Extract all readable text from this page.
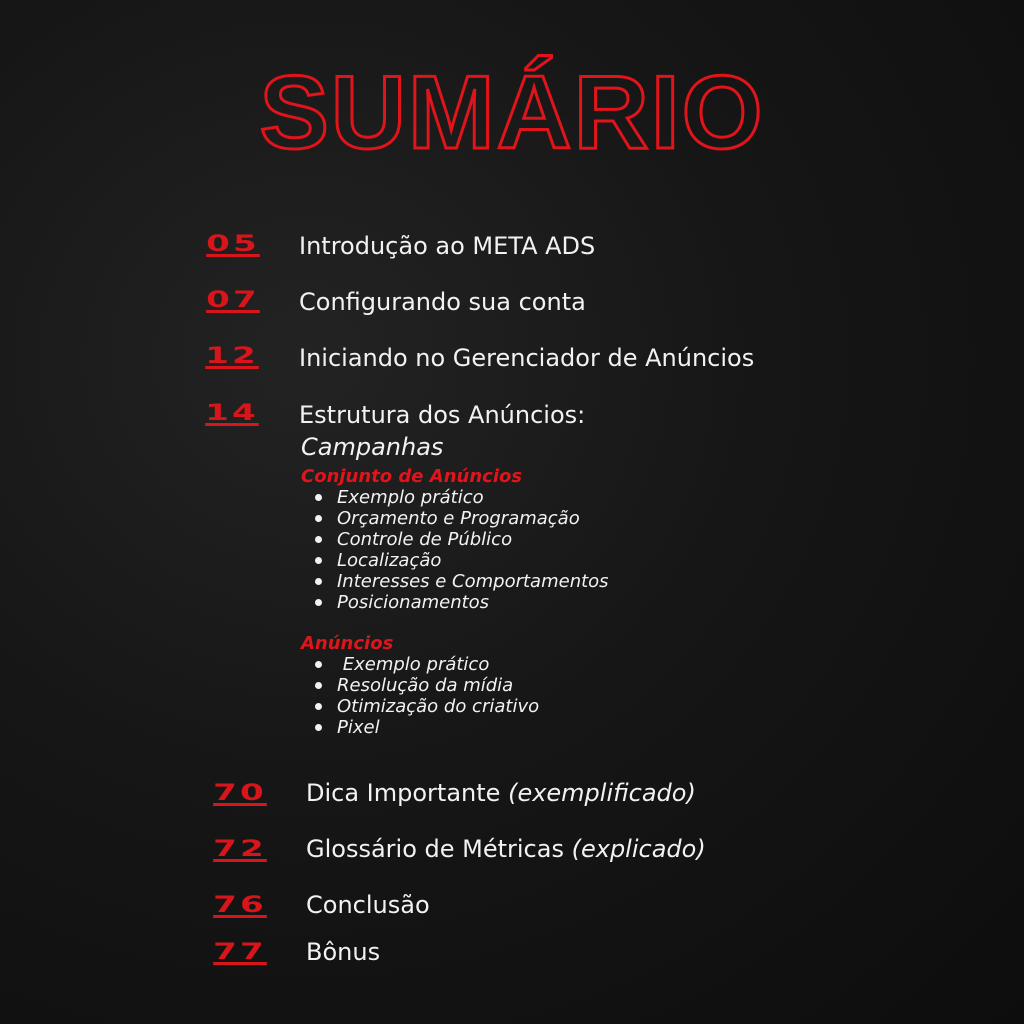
SUMÁRIO
05	Introdução ao META ADS
07	Configurando sua conta
12	Iniciando no Gerenciador de Anúncios
14	Estrutura dos Anúncios:
Campanhas
Conjunto de Anúncios
Exemplo prático
Orçamento e Programação
Controle de Público
Localização
Interesses e Comportamentos
Posicionamentos
Anúncios
Exemplo prático
Resolução da mídia
Otimização do criativo
Pixel
70	Dica Importante (exemplificado)
72	Glossário de Métricas (explicado)
76	Conclusão
77	Bônus
